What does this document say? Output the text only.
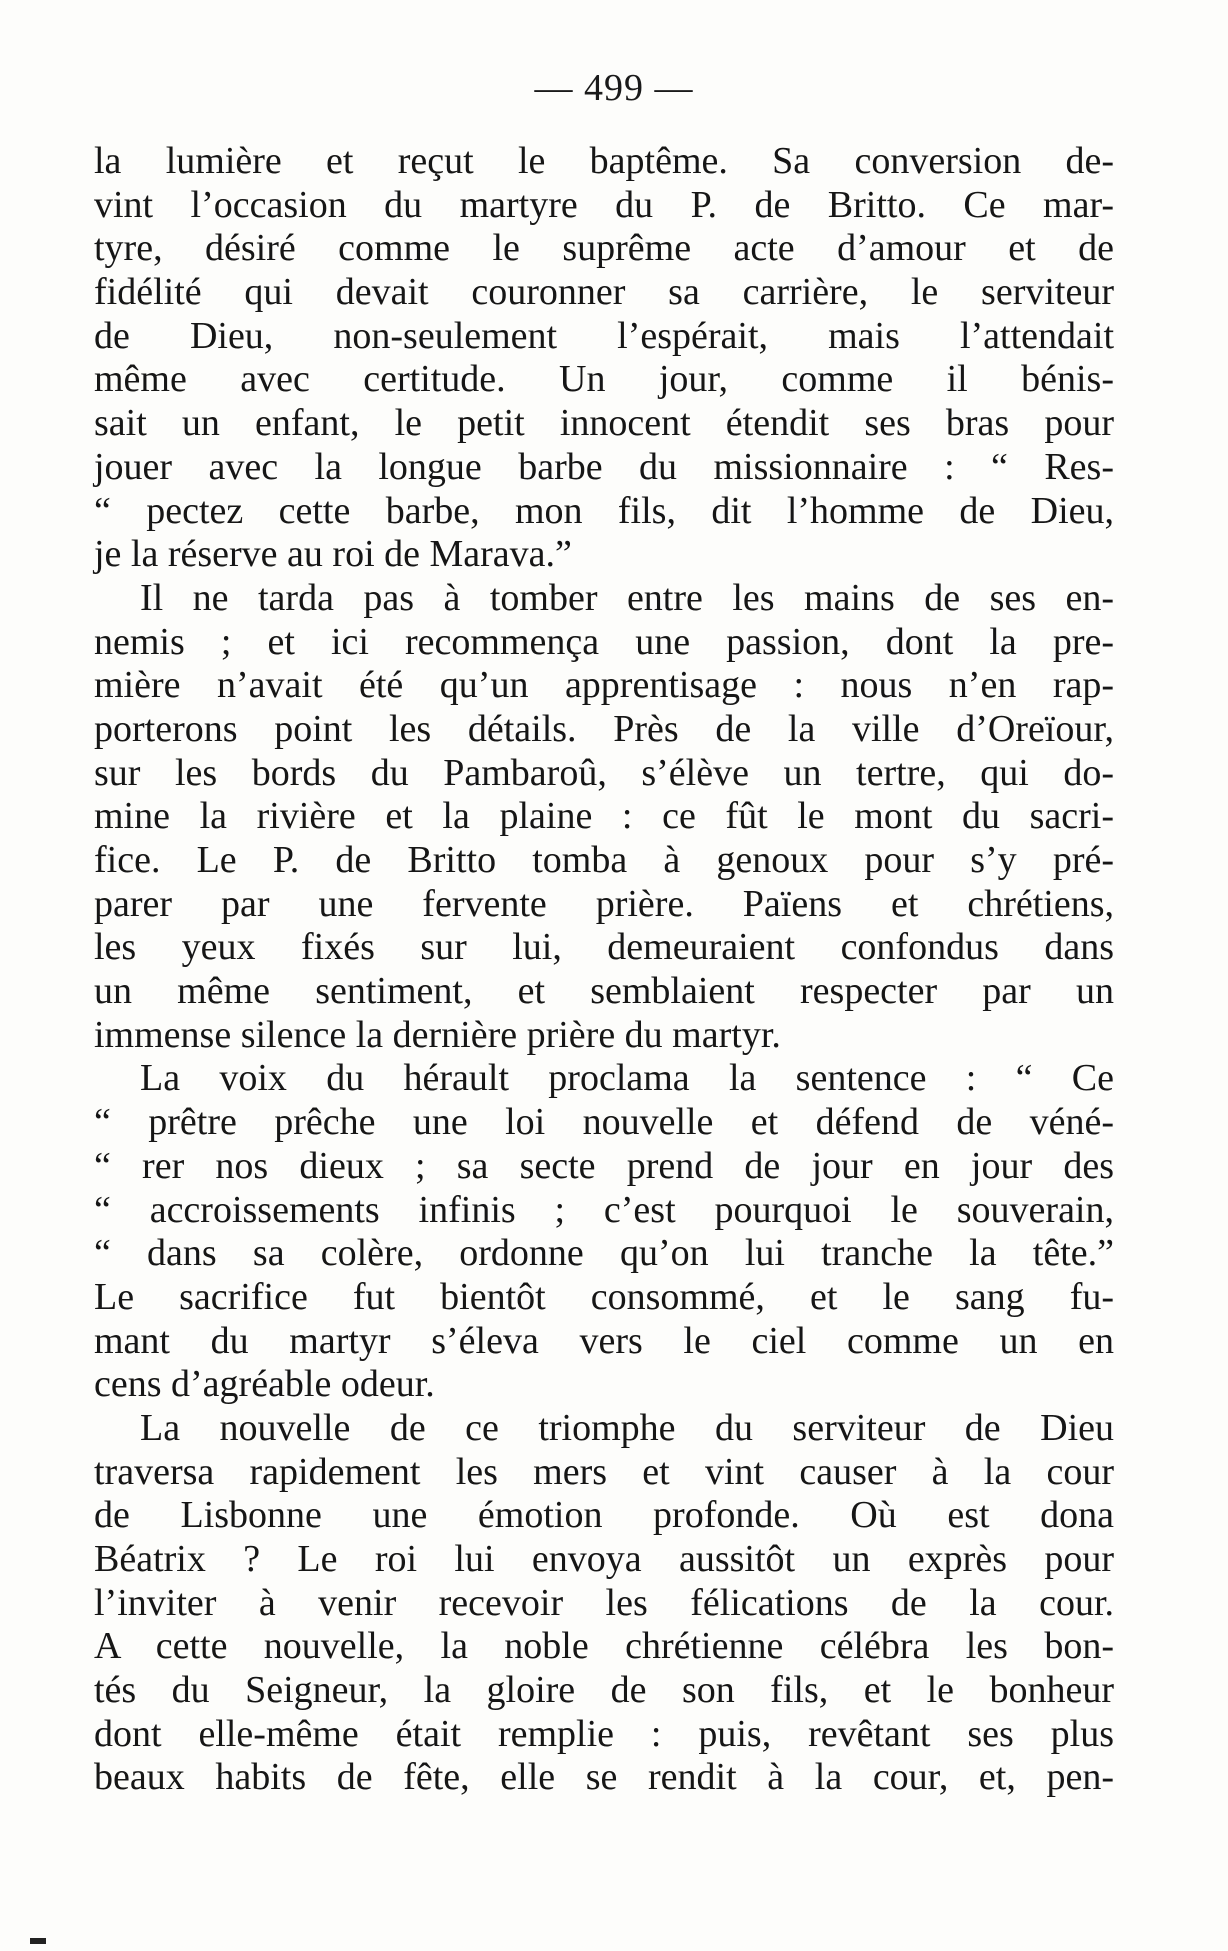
— 499 —
la lumière et reçut le baptême. Sa conversion de-
vint l’occasion du martyre du P. de Britto. Ce mar-
tyre, désiré comme le suprême acte d’amour et de
fidélité qui devait couronner sa carrière, le serviteur
de Dieu, non-seulement l’espérait, mais l’attendait
même avec certitude. Un jour, comme il bénis-
sait un enfant, le petit innocent étendit ses bras pour
jouer avec la longue barbe du missionnaire : “ Res-
“ pectez cette barbe, mon fils, dit l’homme de Dieu,
je la réserve au roi de Marava.”
Il ne tarda pas à tomber entre les mains de ses en-
nemis ; et ici recommença une passion, dont la pre-
mière n’avait été qu’un apprentisage : nous n’en rap-
porterons point les détails. Près de la ville d’Oreïour,
sur les bords du Pambaroû, s’élève un tertre, qui do-
mine la rivière et la plaine : ce fût le mont du sacri-
fice. Le P. de Britto tomba à genoux pour s’y pré-
parer par une fervente prière. Païens et chrétiens,
les yeux fixés sur lui, demeuraient confondus dans
un même sentiment, et semblaient respecter par un
immense silence la dernière prière du martyr.
La voix du hérault proclama la sentence : “ Ce
“ prêtre prêche une loi nouvelle et défend de véné-
“ rer nos dieux ; sa secte prend de jour en jour des
“ accroissements infinis ; c’est pourquoi le souverain,
“ dans sa colère, ordonne qu’on lui tranche la tête.”
Le sacrifice fut bientôt consommé, et le sang fu-
mant du martyr s’éleva vers le ciel comme un en
cens d’agréable odeur.
La nouvelle de ce triomphe du serviteur de Dieu
traversa rapidement les mers et vint causer à la cour
de Lisbonne une émotion profonde. Où est dona
Béatrix ? Le roi lui envoya aussitôt un exprès pour
l’inviter à venir recevoir les félications de la cour.
A cette nouvelle, la noble chrétienne célébra les bon-
tés du Seigneur, la gloire de son fils, et le bonheur
dont elle-même était remplie : puis, revêtant ses plus
beaux habits de fête, elle se rendit à la cour, et, pen-
